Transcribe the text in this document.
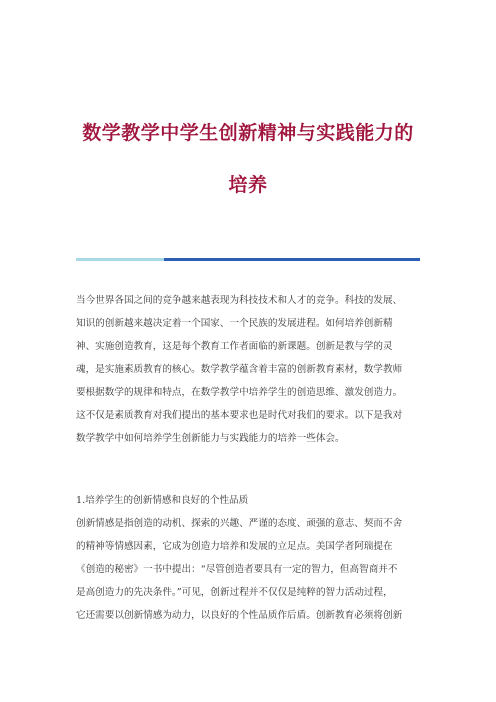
数学教学中学生创新精神与实践能力的
培养
当今世界各国之间的竞争越来越表现为科技技术和人才的竞争。科技的发展、
知识的创新越来越决定着一个国家、一个民族的发展进程。如何培养创新精
神、实施创造教育，这是每个教育工作者面临的新课题。创新是教与学的灵
魂，是实施素质教育的核心。数学教学蕴含着丰富的创新教育素材，数学教师
要根据数学的规律和特点，在数学教学中培养学生的创造思维、激发创造力。
这不仅是素质教育对我们提出的基本要求也是时代对我们的要求。以下是我对
数学教学中如何培养学生创新能力与实践能力的培养一些体会。
1.培养学生的创新情感和良好的个性品质
创新情感是指创造的动机、探索的兴趣、严谨的态度、顽强的意志、契而不舍
的精神等情感因素，它成为创造力培养和发展的立足点。美国学者阿瑞提在
《创造的秘密》一书中提出：“尽管创造者要具有一定的智力，但高智商并不
是高创造力的先决条件。”可见，创新过程并不仅仅是纯粹的智力活动过程，
它还需要以创新情感为动力，以良好的个性品质作后盾。创新教育必须将创新
